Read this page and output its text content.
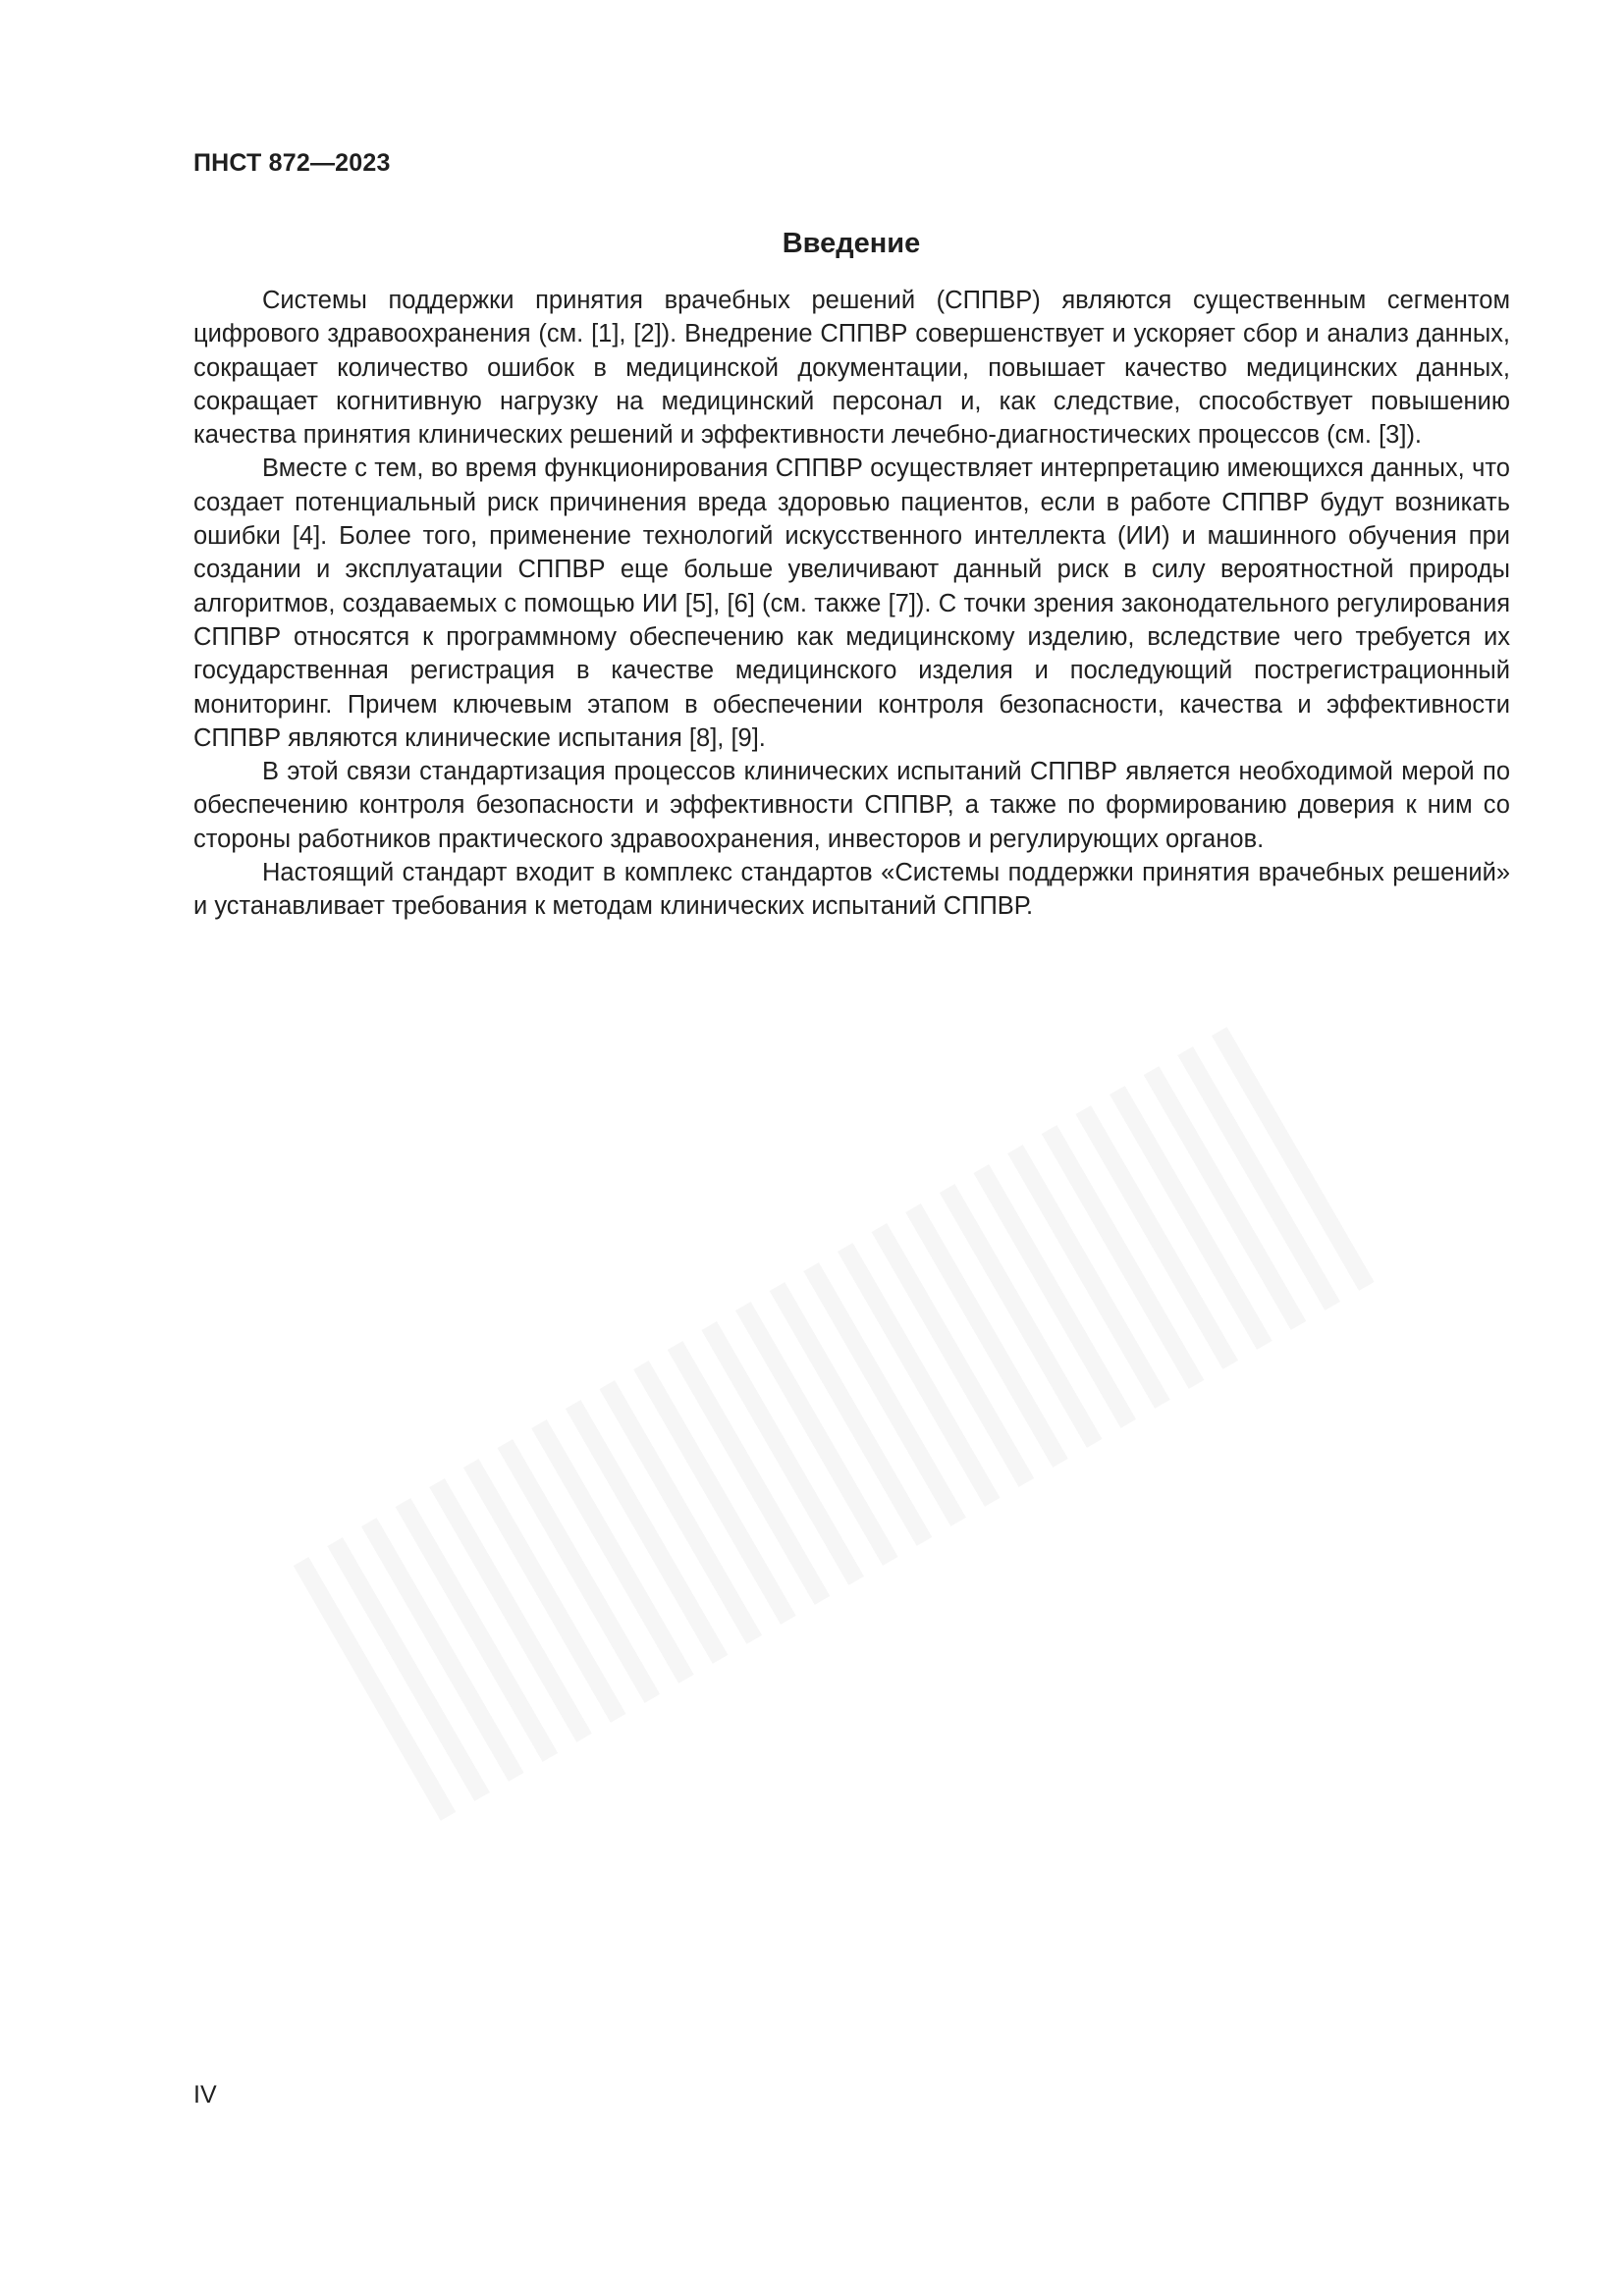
ПНСТ 872—2023
Введение

Системы поддержки принятия врачебных решений (СППВР) являются существенным сегментом цифрового здравоохранения (см. [1], [2]). Внедрение СППВР совершенствует и ускоряет сбор и анализ данных, сокращает количество ошибок в медицинской документации, повышает качество медицинских данных, сокращает когнитивную нагрузку на медицинский персонал и, как следствие, способствует повышению качества принятия клинических решений и эффективности лечебно-диагностических процессов (см. [3]).

Вместе с тем, во время функционирования СППВР осуществляет интерпретацию имеющихся данных, что создает потенциальный риск причинения вреда здоровью пациентов, если в работе СППВР будут возникать ошибки [4]. Более того, применение технологий искусственного интеллекта (ИИ) и машинного обучения при создании и эксплуатации СППВР еще больше увеличивают данный риск в силу вероятностной природы алгоритмов, создаваемых с помощью ИИ [5], [6] (см. также [7]). С точки зрения законодательного регулирования СППВР относятся к программному обеспечению как медицинскому изделию, вследствие чего требуется их государственная регистрация в качестве медицинского изделия и последующий пострегистрационный мониторинг. Причем ключевым этапом в обеспечении контроля безопасности, качества и эффективности СППВР являются клинические испытания [8], [9].

В этой связи стандартизация процессов клинических испытаний СППВР является необходимой мерой по обеспечению контроля безопасности и эффективности СППВР, а также по формированию доверия к ним со стороны работников практического здравоохранения, инвесторов и регулирующих органов.

Настоящий стандарт входит в комплекс стандартов «Системы поддержки принятия врачебных решений» и устанавливает требования к методам клинических испытаний СППВР.

IV
